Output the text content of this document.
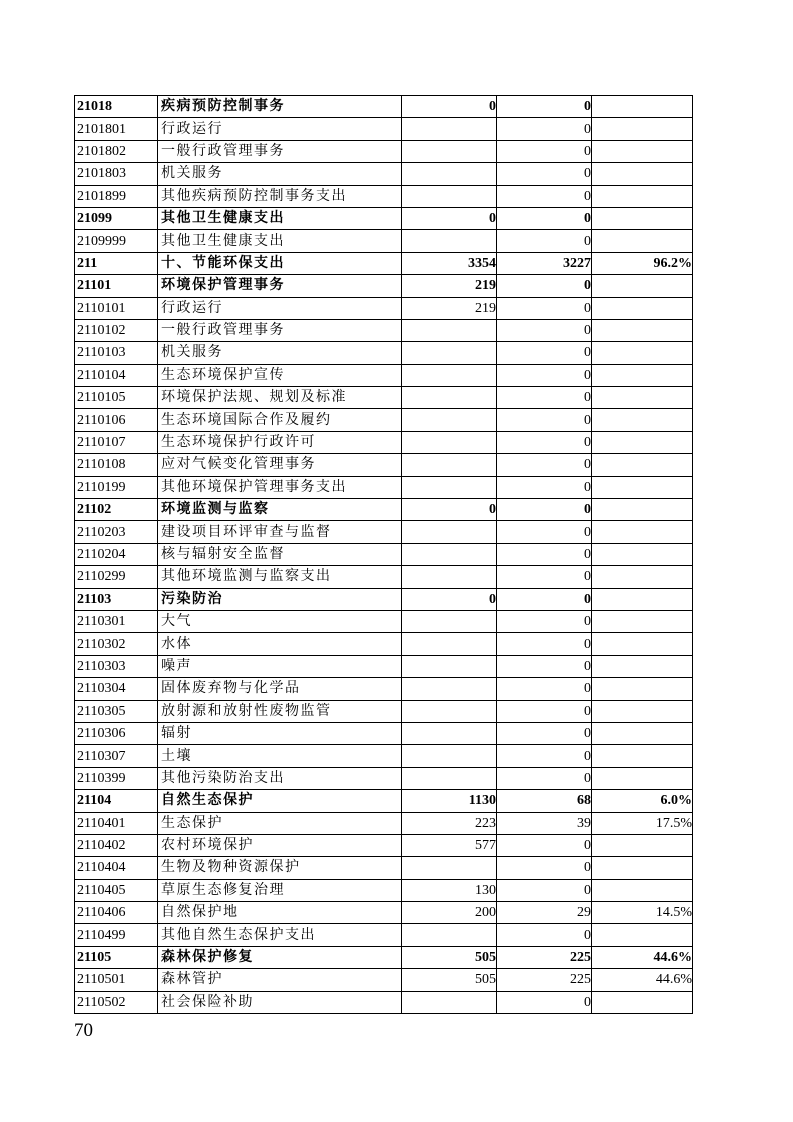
21018	疾病预防控制事务	0	0	
2101801	行政运行		0	
2101802	一般行政管理事务		0	
2101803	机关服务		0	
2101899	其他疾病预防控制事务支出		0	
21099	其他卫生健康支出	0	0	
2109999	其他卫生健康支出		0	
211	十、节能环保支出	3354	3227	96.2%
21101	环境保护管理事务	219	0	
2110101	行政运行	219	0	
2110102	一般行政管理事务		0	
2110103	机关服务		0	
2110104	生态环境保护宣传		0	
2110105	环境保护法规、规划及标准		0	
2110106	生态环境国际合作及履约		0	
2110107	生态环境保护行政许可		0	
2110108	应对气候变化管理事务		0	
2110199	其他环境保护管理事务支出		0	
21102	环境监测与监察	0	0	
2110203	建设项目环评审查与监督		0	
2110204	核与辐射安全监督		0	
2110299	其他环境监测与监察支出		0	
21103	污染防治	0	0	
2110301	大气		0	
2110302	水体		0	
2110303	噪声		0	
2110304	固体废弃物与化学品		0	
2110305	放射源和放射性废物监管		0	
2110306	辐射		0	
2110307	土壤		0	
2110399	其他污染防治支出		0	
21104	自然生态保护	1130	68	6.0%
2110401	生态保护	223	39	17.5%
2110402	农村环境保护	577	0	
2110404	生物及物种资源保护		0	
2110405	草原生态修复治理	130	0	
2110406	自然保护地	200	29	14.5%
2110499	其他自然生态保护支出		0	
21105	森林保护修复	505	225	44.6%
2110501	森林管护	505	225	44.6%
2110502	社会保险补助		0	
70
